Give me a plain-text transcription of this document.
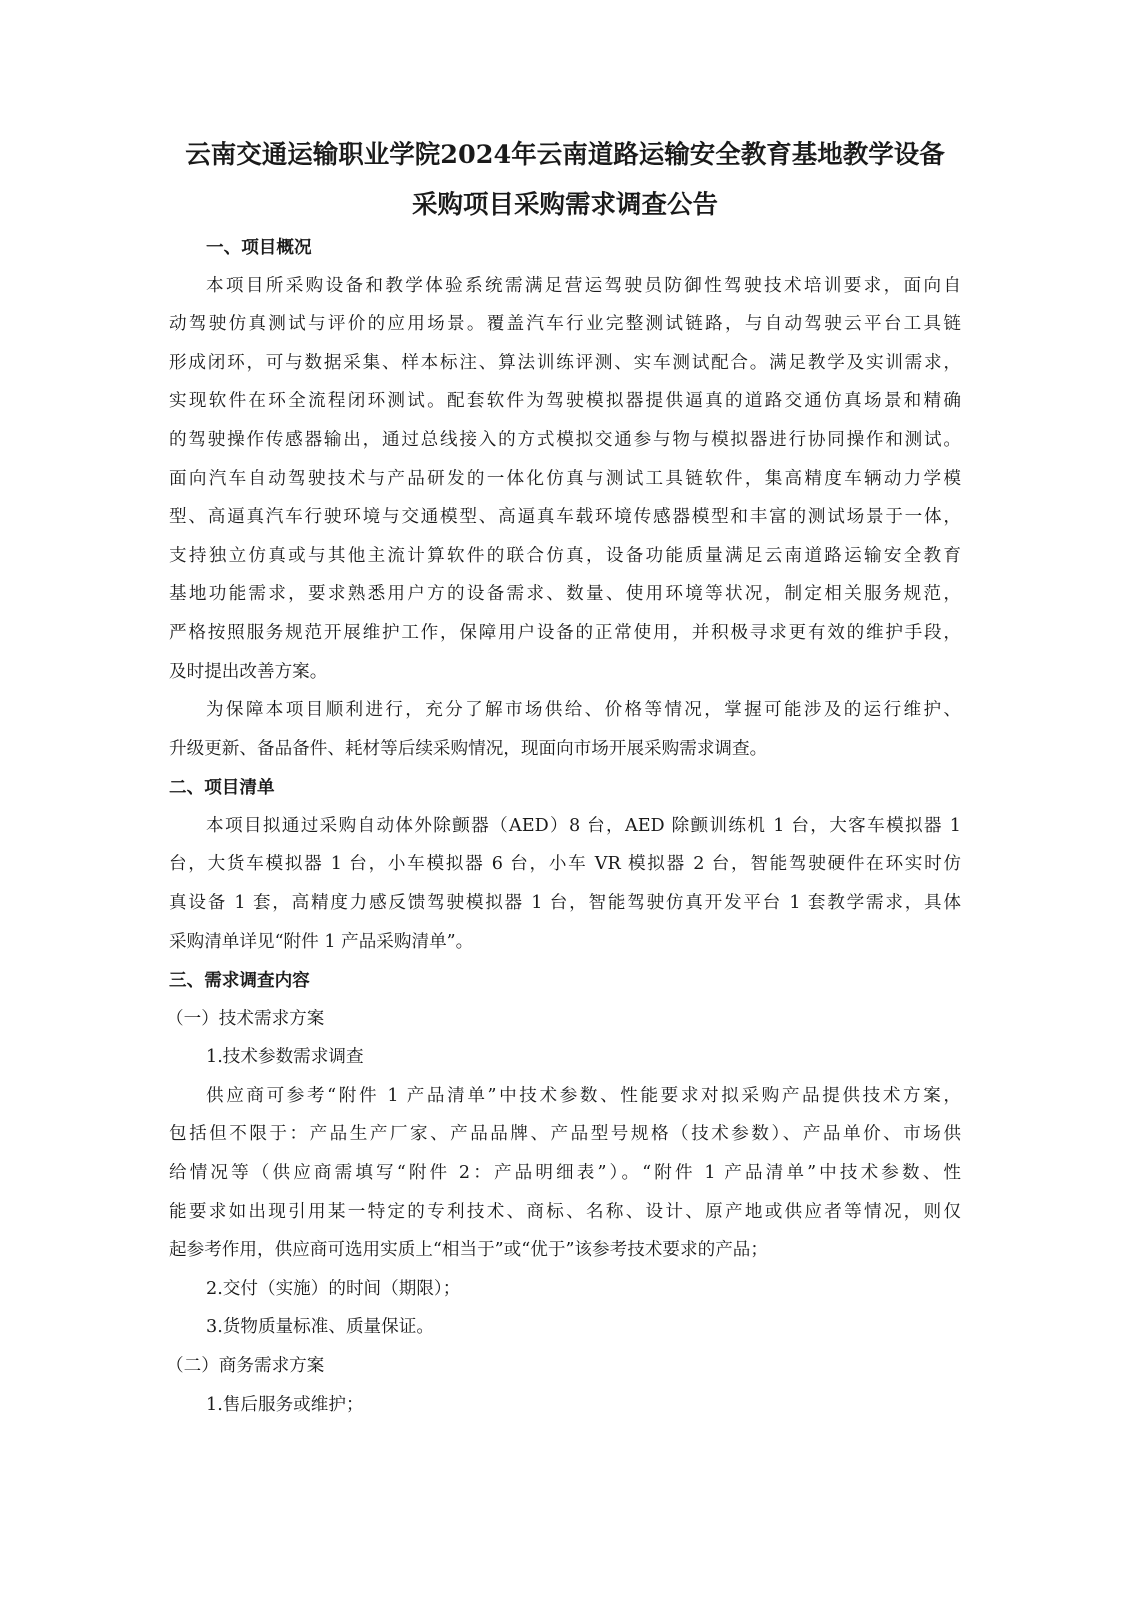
云南交通运输职业学院2024年云南道路运输安全教育基地教学设备
采购项目采购需求调查公告
一、项目概况
本项目所采购设备和教学体验系统需满足营运驾驶员防御性驾驶技术培训要求，面向自
动驾驶仿真测试与评价的应用场景。覆盖汽车行业完整测试链路，与自动驾驶云平台工具链
形成闭环，可与数据采集、样本标注、算法训练评测、实车测试配合。满足教学及实训需求，
实现软件在环全流程闭环测试。配套软件为驾驶模拟器提供逼真的道路交通仿真场景和精确
的驾驶操作传感器输出，通过总线接入的方式模拟交通参与物与模拟器进行协同操作和测试。
面向汽车自动驾驶技术与产品研发的一体化仿真与测试工具链软件，集高精度车辆动力学模
型、高逼真汽车行驶环境与交通模型、高逼真车载环境传感器模型和丰富的测试场景于一体，
支持独立仿真或与其他主流计算软件的联合仿真，设备功能质量满足云南道路运输安全教育
基地功能需求，要求熟悉用户方的设备需求、数量、使用环境等状况，制定相关服务规范，
严格按照服务规范开展维护工作，保障用户设备的正常使用，并积极寻求更有效的维护手段，
及时提出改善方案。
为保障本项目顺利进行，充分了解市场供给、价格等情况，掌握可能涉及的运行维护、
升级更新、备品备件、耗材等后续采购情况，现面向市场开展采购需求调查。
二、项目清单
本项目拟通过采购自动体外除颤器（AED）8 台，AED 除颤训练机 1 台，大客车模拟器 1
台，大货车模拟器 1 台，小车模拟器 6 台，小车 VR 模拟器 2 台，智能驾驶硬件在环实时仿
真设备 1 套，高精度力感反馈驾驶模拟器 1 台，智能驾驶仿真开发平台 1 套教学需求，具体
采购清单详见“附件 1 产品采购清单”。
三、需求调查内容
（一）技术需求方案
1.技术参数需求调查
供应商可参考“附件 1 产品清单”中技术参数、性能要求对拟采购产品提供技术方案，
包括但不限于：产品生产厂家、产品品牌、产品型号规格（技术参数）、产品单价、市场供
给情况等（供应商需填写“附件 2：产品明细表”）。“附件 1 产品清单”中技术参数、性
能要求如出现引用某一特定的专利技术、商标、名称、设计、原产地或供应者等情况，则仅
起参考作用，供应商可选用实质上“相当于”或“优于”该参考技术要求的产品；
2.交付（实施）的时间（期限）；
3.货物质量标准、质量保证。
（二）商务需求方案
1.售后服务或维护；
